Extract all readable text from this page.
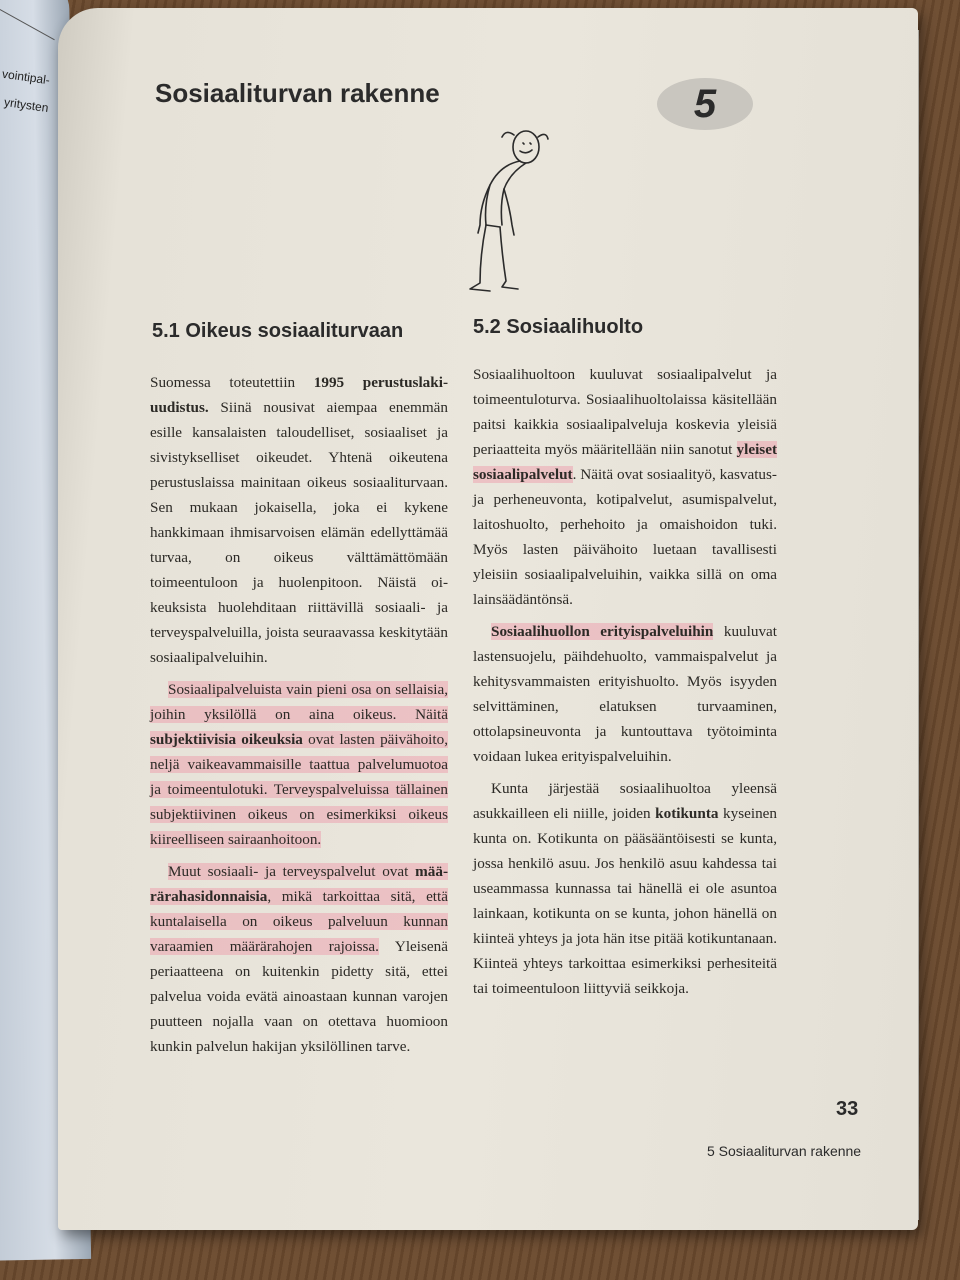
vointipal-
yritysten	Sosiaaliturvan rakenne	5
5.1 Oikeus sosiaaliturvaan	5.2 Sosiaalihuolto

Suomessa toteutettiin 1995 perustuslakiuudistus. Siinä nousivat aiempaa enemmän esille kansalaisten taloudelliset, sosiaaliset ja sivistykselliset oikeudet. Yhtenä oikeutena perustuslaissa mainitaan oikeus sosiaaliturvaan. Sen mukaan jokaisella, joka ei kykene hankkimaan ihmisarvoisen elämän edellyttämää turvaa, on oikeus välttämättömään toimeentuloon ja huolenpitoon. Näistä oikeuksista huolehditaan riittävillä sosiaali- ja terveyspalveluilla, joista seuraavassa keskitytään sosiaalipalveluihin.

Sosiaalipalveluista vain pieni osa on sellaisia, joihin yksilöllä on aina oikeus. Näitä subjektiivisia oikeuksia ovat lasten päivähoito, neljä vaikeavammaisille taattua palvelumuotoa ja toimeentulotuki. Terveyspalveluissa tällainen subjektiivinen oikeus on esimerkiksi oikeus kiireelliseen sairaanhoitoon.

Muut sosiaali- ja terveyspalvelut ovat määrärahasidonnaisia, mikä tarkoittaa sitä, että kuntalaisella on oikeus palveluun kunnan varaamien määrärahojen rajoissa. Yleisenä periaatteena on kuitenkin pidetty sitä, ettei palvelua voida evätä ainoastaan kunnan varojen puutteen nojalla vaan on otettava huomioon kunkin palvelun hakijan yksilöllinen tarve.

Sosiaalihuoltoon kuuluvat sosiaalipalvelut ja toimeentuloturva. Sosiaalihuoltolaissa käsitellään paitsi kaikkia sosiaalipalveluja koskevia yleisiä periaatteita myös määritellään niin sanotut yleiset sosiaalipalvelut. Näitä ovat sosiaalityö, kasvatus- ja perheneuvonta, kotipalvelut, asumispalvelut, laitoshuolto, perhehoito ja omaishoidon tuki. Myös lasten päivähoito luetaan tavallisesti yleisiin sosiaalipalveluihin, vaikka sillä on oma lainsäädäntönsä.

Sosiaalihuollon erityispalveluihin kuuluvat lastensuojelu, päihdehuolto, vammaispalvelut ja kehitysvammaisten erityishuolto. Myös isyyden selvittäminen, elatuksen turvaaminen, ottolapsineuvonta ja kuntouttava työtoiminta voidaan lukea erityispalveluihin.

Kunta järjestää sosiaalihuoltoa yleensä asukkailleen eli niille, joiden kotikunta kyseinen kunta on. Kotikunta on pääsääntöisesti se kunta, jossa henkilö asuu. Jos henkilö asuu kahdessa tai useammassa kunnassa tai hänellä ei ole asuntoa lainkaan, kotikunta on se kunta, johon hänellä on kiinteä yhteys ja jota hän itse pitää kotikuntanaan. Kiinteä yhteys tarkoittaa esimerkiksi perhesiteitä tai toimeentuloon liittyviä seikkoja.

33
5 Sosiaaliturvan rakenne
